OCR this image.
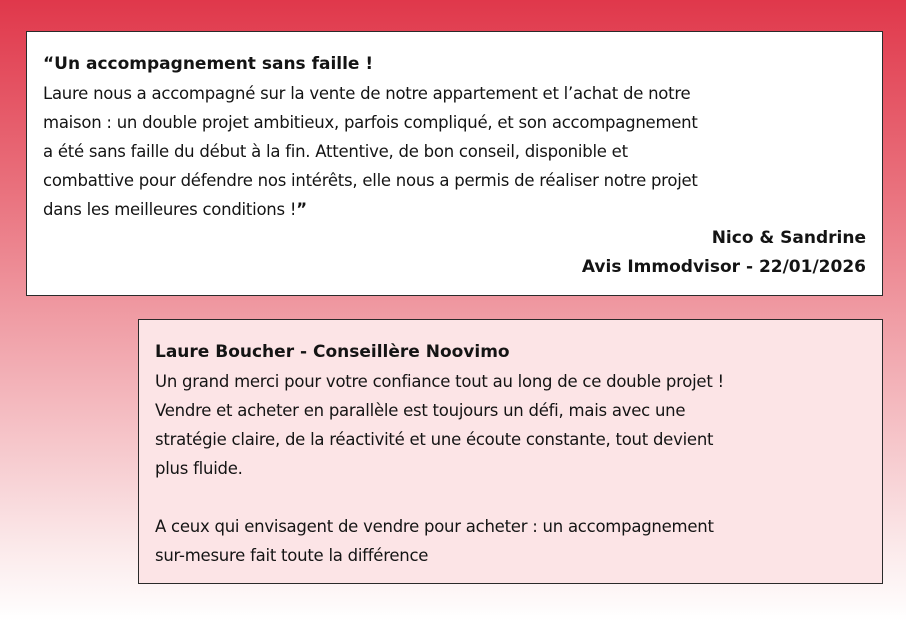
“Un accompagnement sans faille !
Laure nous a accompagné sur la vente de notre appartement et l’achat de notre
maison : un double projet ambitieux, parfois compliqué, et son accompagnement
a été sans faille du début à la fin. Attentive, de bon conseil, disponible et
combattive pour défendre nos intérêts, elle nous a permis de réaliser notre projet
dans les meilleures conditions !”
Nico & Sandrine
Avis Immodvisor - 22/01/2026
Laure Boucher - Conseillère Noovimo
Un grand merci pour votre confiance tout au long de ce double projet !
Vendre et acheter en parallèle est toujours un défi, mais avec une
stratégie claire, de la réactivité et une écoute constante, tout devient
plus fluide.
A ceux qui envisagent de vendre pour acheter : un accompagnement
sur-mesure fait toute la différence
